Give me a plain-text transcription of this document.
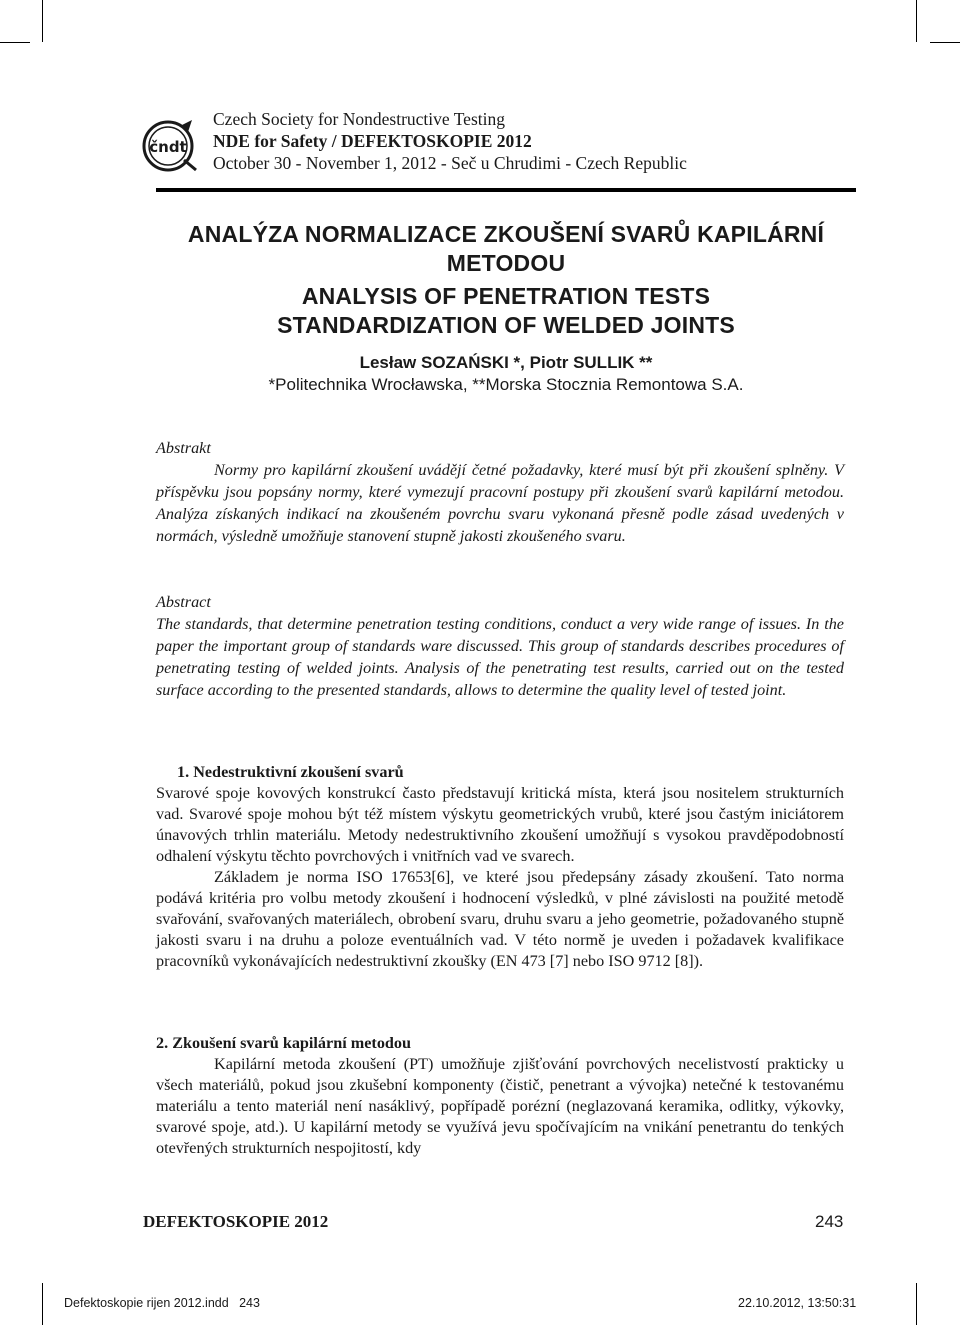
čndt
Czech Society for Nondestructive Testing
NDE for Safety / DEFEKTOSKOPIE 2012
October 30 - November 1, 2012 - Seč u Chrudimi - Czech Republic
ANALÝZA NORMALIZACE ZKOUŠENÍ SVARŮ KAPILÁRNÍ
METODOU
ANALYSIS OF PENETRATION TESTS
STANDARDIZATION OF WELDED JOINTS
Lesław SOZAŃSKI *, Piotr SULLIK **
*Politechnika Wrocławska, **Morska Stocznia Remontowa S.A.
Abstrakt
Normy pro kapilární zkoušení uvádějí četné požadavky, které musí být při zkoušení splněny. V příspěvku jsou popsány normy, které vymezují pracovní postupy při zkoušení svarů kapilární metodou. Analýza získaných indikací na zkoušeném povrchu svaru vykonaná přesně podle zásad uvedených v normách, výsledně umožňuje stanovení stupně jakosti zkoušeného svaru.
Abstract
The standards, that determine penetration testing conditions, conduct a very wide range of issues. In the paper the important group of standards ware discussed. This group of standards describes procedures of penetrating testing of welded joints. Analysis of the penetrating test results, carried out on the tested surface according to the presented standards, allows to determine the quality level of tested joint.
1. Nedestruktivní zkoušení svarů

Svarové spoje kovových konstrukcí často představují kritická místa, která jsou nositelem strukturních vad. Svarové spoje mohou být též místem výskytu geometrických vrubů, které jsou častým iniciátorem únavových trhlin materiálu. Metody nedestruktivního zkoušení umožňují s vysokou pravděpodobností odhalení výskytu těchto povrchových i vnitřních vad ve svarech.

Základem je norma ISO 17653[6], ve které jsou předepsány zásady zkoušení. Tato norma podává kritéria pro volbu metody zkoušení i hodnocení výsledků, v plné závislosti na použité metodě svařování, svařovaných materiálech, obrobení svaru, druhu svaru a jeho geometrie, požadovaného stupně jakosti svaru i na druhu a poloze eventuálních vad. V této normě je uveden i požadavek kvalifikace pracovníků vykonávajících nedestruktivní zkoušky (EN 473 [7] nebo ISO 9712 [8]).

2. Zkoušení svarů kapilární metodou

Kapilární metoda zkoušení (PT) umožňuje zjišťování povrchových necelistvostí prakticky u všech materiálů, pokud jsou zkušební komponenty (čistič, penetrant a vývojka) netečné k testovanému materiálu a tento materiál není nasáklivý, popřípadě porézní (neglazovaná keramika, odlitky, výkovky, svarové spoje, atd.). U kapilární metody se využívá jevu spočívajícím na vnikání penetrantu do tenkých otevřených strukturních nespojitostí, kdy

DEFEKTOSKOPIE 2012	243
Defektoskopie rijen 2012.indd   243	22.10.2012, 13:50:31
